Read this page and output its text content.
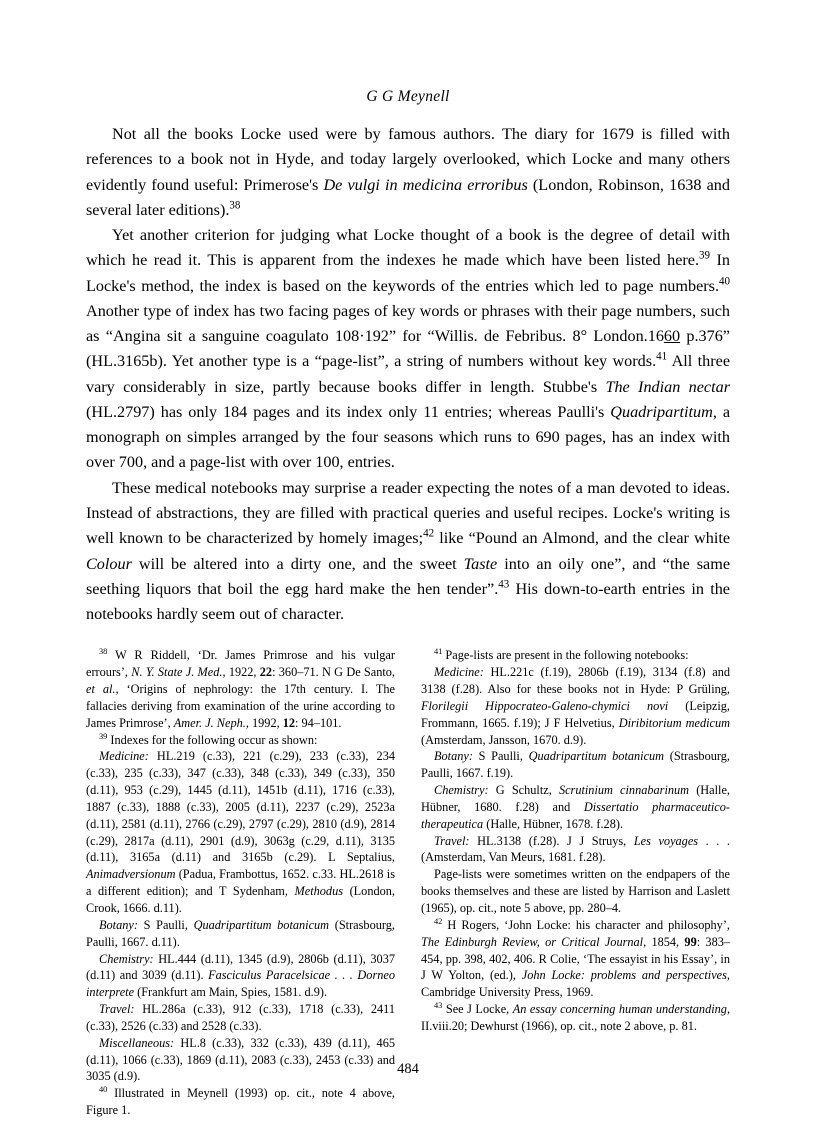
G G Meynell

Not all the books Locke used were by famous authors. The diary for 1679 is filled with references to a book not in Hyde, and today largely overlooked, which Locke and many others evidently found useful: Primerose's De vulgi in medicina erroribus (London, Robinson, 1638 and several later editions).$^{38}$

Yet another criterion for judging what Locke thought of a book is the degree of detail with which he read it. This is apparent from the indexes he made which have been listed here.$^{39}$ In Locke's method, the index is based on the keywords of the entries which led to page numbers.$^{40}$ Another type of index has two facing pages of key words or phrases with their page numbers, such as “Angina sit a sanguine coagulato 108·192” for “Willis. de Febribus. 8° London.1660 p.376” (HL.3165b). Yet another type is a “page-list”, a string of numbers without key words.$^{41}$ All three vary considerably in size, partly because books differ in length. Stubbe's The Indian nectar (HL.2797) has only 184 pages and its index only 11 entries; whereas Paulli's Quadripartitum, a monograph on simples arranged by the four seasons which runs to 690 pages, has an index with over 700, and a page-list with over 100, entries.

These medical notebooks may surprise a reader expecting the notes of a man devoted to ideas. Instead of abstractions, they are filled with practical queries and useful recipes. Locke's writing is well known to be characterized by homely images;$^{42}$ like “Pound an Almond, and the clear white Colour will be altered into a dirty one, and the sweet Taste into an oily one”, and “the same seething liquors that boil the egg hard make the hen tender”.$^{43}$ His down-to-earth entries in the notebooks hardly seem out of character.

$^{38}$ W R Riddell, ‘Dr. James Primrose and his vulgar errours’, N. Y. State J. Med., 1922, 22: 360–71. N G De Santo, et al., ‘Origins of nephrology: the 17th century. I. The fallacies deriving from examination of the urine according to James Primrose’, Amer. J. Neph., 1992, 12: 94–101.

$^{39}$ Indexes for the following occur as shown:

Medicine: HL.219 (c.33), 221 (c.29), 233 (c.33), 234 (c.33), 235 (c.33), 347 (c.33), 348 (c.33), 349 (c.33), 350 (d.11), 953 (c.29), 1445 (d.11), 1451b (d.11), 1716 (c.33), 1887 (c.33), 1888 (c.33), 2005 (d.11), 2237 (c.29), 2523a (d.11), 2581 (d.11), 2766 (c.29), 2797 (c.29), 2810 (d.9), 2814 (c.29), 2817a (d.11), 2901 (d.9), 3063g (c.29, d.11), 3135 (d.11), 3165a (d.11) and 3165b (c.29). L Septalius, Animadversionum (Padua, Frambottus, 1652. c.33. HL.2618 is a different edition); and T Sydenham, Methodus (London, Crook, 1666. d.11).

Botany: S Paulli, Quadripartitum botanicum (Strasbourg, Paulli, 1667. d.11).

Chemistry: HL.444 (d.11), 1345 (d.9), 2806b (d.11), 3037 (d.11) and 3039 (d.11). Fasciculus Paracelsicae . . . Dorneo interprete (Frankfurt am Main, Spies, 1581. d.9).

Travel: HL.286a (c.33), 912 (c.33), 1718 (c.33), 2411 (c.33), 2526 (c.33) and 2528 (c.33).

Miscellaneous: HL.8 (c.33), 332 (c.33), 439 (d.11), 465 (d.11), 1066 (c.33), 1869 (d.11), 2083 (c.33), 2453 (c.33) and 3035 (d.9).

$^{40}$ Illustrated in Meynell (1993) op. cit., note 4 above, Figure 1.

$^{41}$ Page-lists are present in the following notebooks:

Medicine: HL.221c (f.19), 2806b (f.19), 3134 (f.8) and 3138 (f.28). Also for these books not in Hyde: P Grüling, Florilegii Hippocrateo-Galeno-chymici novi (Leipzig, Frommann, 1665. f.19); J F Helvetius, Diribitorium medicum (Amsterdam, Jansson, 1670. d.9).

Botany: S Paulli, Quadripartitum botanicum (Strasbourg, Paulli, 1667. f.19).

Chemistry: G Schultz, Scrutinium cinnabarinum (Halle, Hübner, 1680. f.28) and Dissertatio pharmaceutico-therapeutica (Halle, Hübner, 1678. f.28).

Travel: HL.3138 (f.28). J J Struys, Les voyages . . . (Amsterdam, Van Meurs, 1681. f.28).

Page-lists were sometimes written on the endpapers of the books themselves and these are listed by Harrison and Laslett (1965), op. cit., note 5 above, pp. 280–4.

$^{42}$ H Rogers, ‘John Locke: his character and philosophy’, The Edinburgh Review, or Critical Journal, 1854, 99: 383–454, pp. 398, 402, 406. R Colie, ‘The essayist in his Essay’, in J W Yolton, (ed.), John Locke: problems and perspectives, Cambridge University Press, 1969.

$^{43}$ See J Locke, An essay concerning human understanding, II.viii.20; Dewhurst (1966), op. cit., note 2 above, p. 81.

484
